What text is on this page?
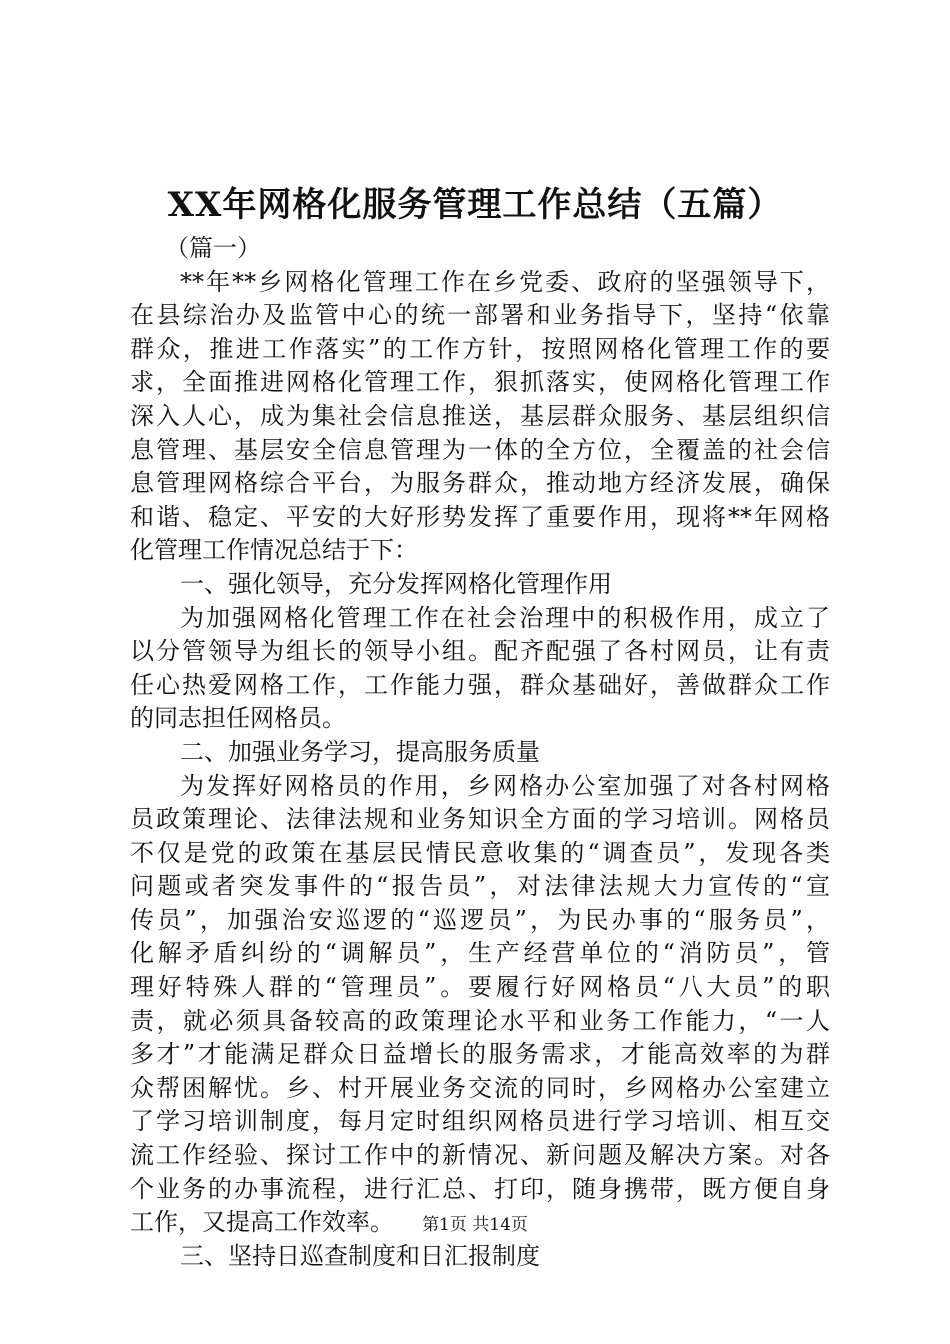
XX年网格化服务管理工作总结（五篇）
（篇一）
**年**乡网格化管理工作在乡党委、政府的坚强领导下，
在县综治办及监管中心的统一部署和业务指导下，坚持“依靠
群众，推进工作落实”的工作方针，按照网格化管理工作的要
求，全面推进网格化管理工作，狠抓落实，使网格化管理工作
深入人心，成为集社会信息推送，基层群众服务、基层组织信
息管理、基层安全信息管理为一体的全方位，全覆盖的社会信
息管理网格综合平台，为服务群众，推动地方经济发展，确保
和谐、稳定、平安的大好形势发挥了重要作用，现将**年网格
化管理工作情况总结于下：
一、强化领导，充分发挥网格化管理作用
为加强网格化管理工作在社会治理中的积极作用，成立了
以分管领导为组长的领导小组。配齐配强了各村网员，让有责
任心热爱网格工作，工作能力强，群众基础好，善做群众工作
的同志担任网格员。
二、加强业务学习，提高服务质量
为发挥好网格员的作用，乡网格办公室加强了对各村网格
员政策理论、法律法规和业务知识全方面的学习培训。网格员
不仅是党的政策在基层民情民意收集的“调查员”，发现各类
问题或者突发事件的“报告员”，对法律法规大力宣传的“宣
传员”，加强治安巡逻的“巡逻员”，为民办事的“服务员”，
化解矛盾纠纷的“调解员”，生产经营单位的“消防员”，管
理好特殊人群的“管理员”。要履行好网格员“八大员”的职
责，就必须具备较高的政策理论水平和业务工作能力，“一人
多才”才能满足群众日益增长的服务需求，才能高效率的为群
众帮困解忧。乡、村开展业务交流的同时，乡网格办公室建立
了学习培训制度，每月定时组织网格员进行学习培训、相互交
流工作经验、探讨工作中的新情况、新问题及解决方案。对各
个业务的办事流程，进行汇总、打印，随身携带，既方便自身
工作，又提高工作效率。
三、坚持日巡查制度和日汇报制度
第1页 共14页
